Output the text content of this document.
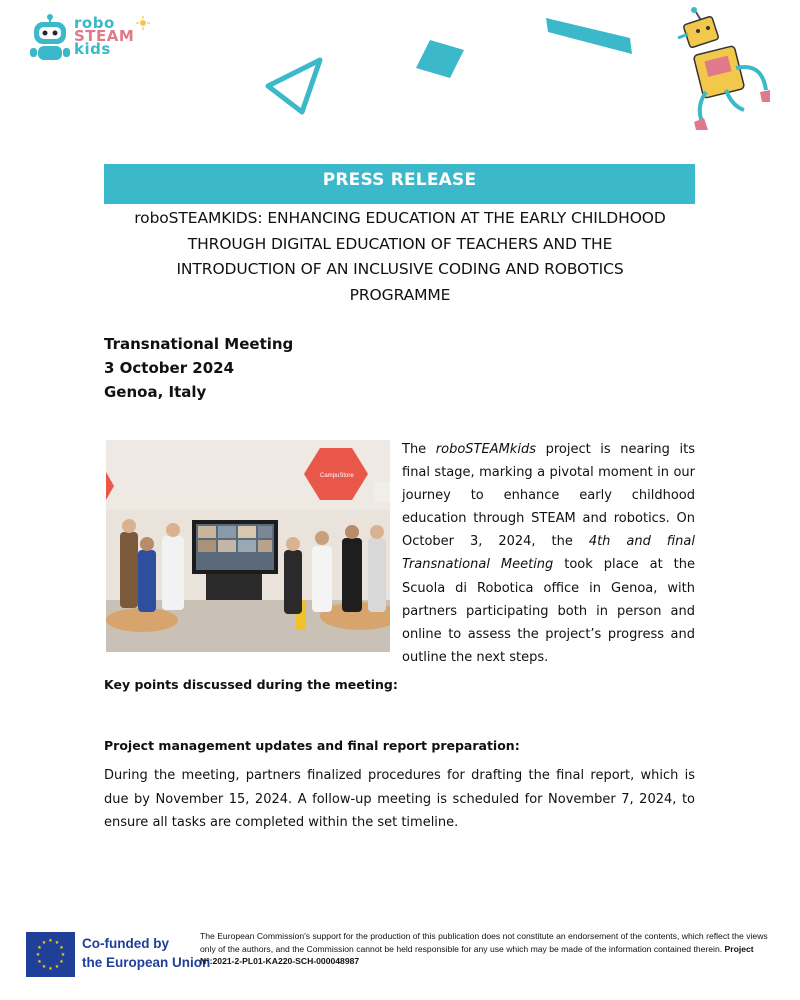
robo
STEAM
kids
PRESS RELEASE
roboSTEAMKIDS: ENHANCING EDUCATION AT THE EARLY CHILDHOOD
THROUGH DIGITAL EDUCATION OF TEACHERS AND THE
INTRODUCTION OF AN INCLUSIVE CODING AND ROBOTICS
PROGRAMME
Transnational Meeting
3 October 2024
Genoa, Italy
CampuStore
The roboSTEAMkids project is nearing its final stage, marking a pivotal moment in our journey to enhance early childhood education through STEAM and robotics. On October 3, 2024, the 4th and final Transnational Meeting took place at the Scuola di Robotica office in Genoa, with partners participating both in person and online to assess the project’s progress and outline the next steps.
Key points discussed during the meeting:
Project management updates and final report preparation:
During the meeting, partners finalized procedures for drafting the final report, which is due by November 15, 2024. A follow-up meeting is scheduled for November 7, 2024, to ensure all tasks are completed within the set timeline.
★ ★
★
★
★
★
★
★
★
★
★
★	Co-funded by
the European Union
The European Commission's support for the production of this publication does not constitute an endorsement of the contents, which reflect the views only of the authors, and the Commission cannot be held responsible for any use which may be made of the information contained therein. Project N°:2021-2-PL01-KA220-SCH-000048987
